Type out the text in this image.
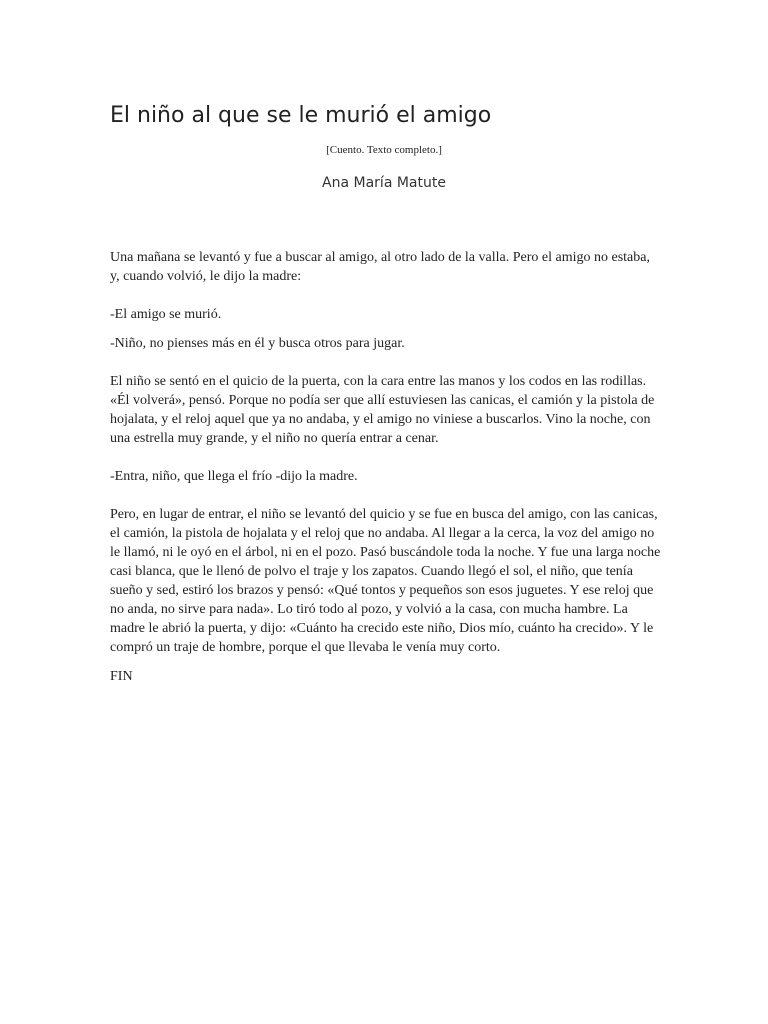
El niño al que se le murió el amigo

[Cuento. Texto completo.]

Ana María Matute

Una mañana se levantó y fue a buscar al amigo, al otro lado de la valla. Pero el amigo no estaba, y, cuando volvió, le dijo la madre:

-El amigo se murió.

-Niño, no pienses más en él y busca otros para jugar.

El niño se sentó en el quicio de la puerta, con la cara entre las manos y los codos en las rodillas. «Él volverá», pensó. Porque no podía ser que allí estuviesen las canicas, el camión y la pistola de hojalata, y el reloj aquel que ya no andaba, y el amigo no viniese a buscarlos. Vino la noche, con una estrella muy grande, y el niño no quería entrar a cenar.

-Entra, niño, que llega el frío -dijo la madre.

Pero, en lugar de entrar, el niño se levantó del quicio y se fue en busca del amigo, con las canicas, el camión, la pistola de hojalata y el reloj que no andaba. Al llegar a la cerca, la voz del amigo no le llamó, ni le oyó en el árbol, ni en el pozo. Pasó buscándole toda la noche. Y fue una larga noche casi blanca, que le llenó de polvo el traje y los zapatos. Cuando llegó el sol, el niño, que tenía sueño y sed, estiró los brazos y pensó: «Qué tontos y pequeños son esos juguetes. Y ese reloj que no anda, no sirve para nada». Lo tiró todo al pozo, y volvió a la casa, con mucha hambre. La madre le abrió la puerta, y dijo: «Cuánto ha crecido este niño, Dios mío, cuánto ha crecido». Y le compró un traje de hombre, porque el que llevaba le venía muy corto.

FIN
